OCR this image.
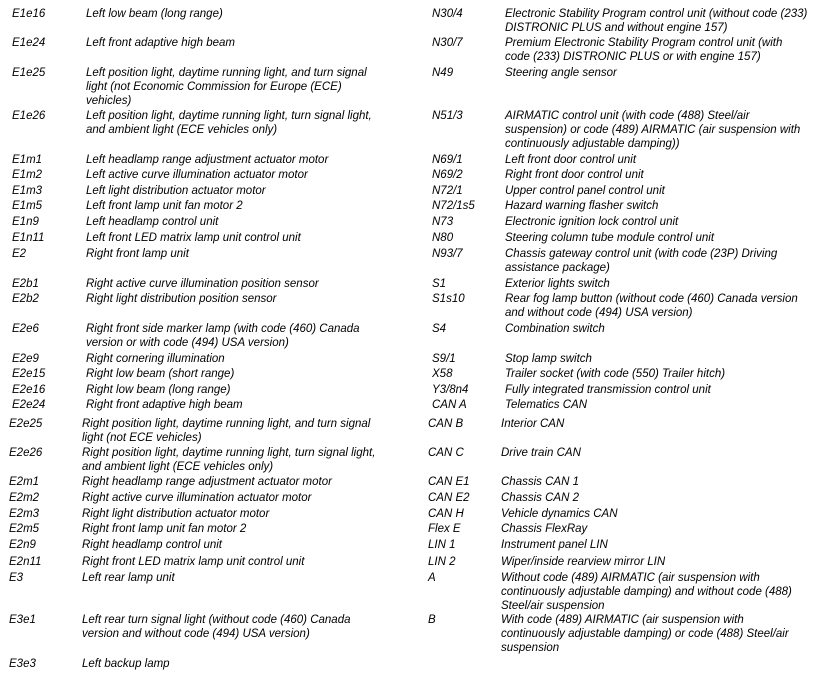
E1e16	Left low beam (long range)
E1e24	Left front adaptive high beam
E1e25	Left position light, daytime running light, and turn signal
light (not Economic Commission for Europe (ECE)
vehicles)
E1e26	Left position light, daytime running light, turn signal light,
and ambient light (ECE vehicles only)
E1m1	Left headlamp range adjustment actuator motor
E1m2	Left active curve illumination actuator motor
E1m3	Left light distribution actuator motor
E1m5	Left front lamp unit fan motor 2
E1n9	Left headlamp control unit
E1n11	Left front LED matrix lamp unit control unit
E2	Right front lamp unit
E2b1	Right active curve illumination position sensor
E2b2	Right light distribution position sensor
E2e6	Right front side marker lamp (with code (460) Canada
version or with code (494) USA version)
E2e9	Right cornering illumination
E2e15	Right low beam (short range)
E2e16	Right low beam (long range)
E2e24	Right front adaptive high beam
E2e25	Right position light, daytime running light, and turn signal
light (not ECE vehicles)
E2e26	Right position light, daytime running light, turn signal light,
and ambient light (ECE vehicles only)
E2m1	Right headlamp range adjustment actuator motor
E2m2	Right active curve illumination actuator motor
E2m3	Right light distribution actuator motor
E2m5	Right front lamp unit fan motor 2
E2n9	Right headlamp control unit
E2n11	Right front LED matrix lamp unit control unit
E3	Left rear lamp unit
E3e1	Left rear turn signal light (without code (460) Canada
version and without code (494) USA version)
E3e3	Left backup lamp
N30/4	Electronic Stability Program control unit (without code (233)
DISTRONIC PLUS and without engine 157)
N30/7	Premium Electronic Stability Program control unit (with
code (233) DISTRONIC PLUS or with engine 157)
N49	Steering angle sensor
N51/3	AIRMATIC control unit (with code (488) Steel/air
suspension) or code (489) AIRMATIC (air suspension with
continuously adjustable damping))
N69/1	Left front door control unit
N69/2	Right front door control unit
N72/1	Upper control panel control unit
N72/1s5	Hazard warning flasher switch
N73	Electronic ignition lock control unit
N80	Steering column tube module control unit
N93/7	Chassis gateway control unit (with code (23P) Driving
assistance package)
S1	Exterior lights switch
S1s10	Rear fog lamp button (without code (460) Canada version
and without code (494) USA version)
S4	Combination switch
S9/1	Stop lamp switch
X58	Trailer socket (with code (550) Trailer hitch)
Y3/8n4	Fully integrated transmission control unit
CAN A	Telematics CAN
CAN B	Interior CAN
CAN C	Drive train CAN
CAN E1	Chassis CAN 1
CAN E2	Chassis CAN 2
CAN H	Vehicle dynamics CAN
Flex E	Chassis FlexRay
LIN 1	Instrument panel LIN
LIN 2	Wiper/inside rearview mirror LIN
A	Without code (489) AIRMATIC (air suspension with
continuously adjustable damping) and without code (488)
Steel/air suspension
B	With code (489) AIRMATIC (air suspension with
continuously adjustable damping) or code (488) Steel/air
suspension
